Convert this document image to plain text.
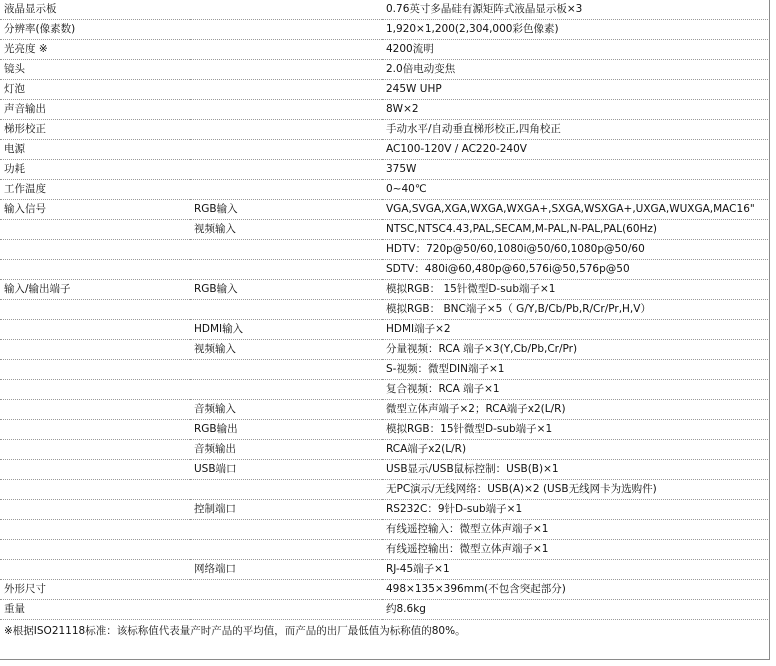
液晶显示板		0.76英寸多晶硅有源矩阵式液晶显示板×3
分辨率(像素数)		1,920×1,200(2,304,000彩色像素)
光亮度 ※		4200流明
镜头		2.0倍电动变焦
灯泡		245W UHP
声音输出		8W×2
梯形校正		手动水平/自动垂直梯形校正,四角校正
电源		AC100-120V / AC220-240V
功耗		375W
工作温度		0~40℃
输入信号	RGB输入	VGA,SVGA,XGA,WXGA,WXGA+,SXGA,WSXGA+,UXGA,WUXGA,MAC16"
	视频输入	NTSC,NTSC4.43,PAL,SECAM,M-PAL,N-PAL,PAL(60Hz)
		HDTV：720p@50/60,1080i@50/60,1080p@50/60
		SDTV：480i@60,480p@60,576i@50,576p@50
输入/输出端子	RGB输入	模拟RGB： 15针微型D-sub端子×1
		模拟RGB： BNC端子×5（ G/Y,B/Cb/Pb,R/Cr/Pr,H,V）
	HDMI输入	HDMI端子×2
	视频输入	分量视频：RCA 端子×3(Y,Cb/Pb,Cr/Pr)
		S-视频：微型DIN端子×1
		复合视频：RCA 端子×1
	音频输入	微型立体声端子×2；RCA端子x2(L/R)
	RGB输出	模拟RGB：15针微型D-sub端子×1
	音频输出	RCA端子x2(L/R)
	USB端口	USB显示/USB鼠标控制：USB(B)×1
		无PC演示/无线网络：USB(A)×2 (USB无线网卡为选购件)
	控制端口	RS232C：9针D-sub端子×1
		有线遥控输入：微型立体声端子×1
		有线遥控输出：微型立体声端子×1
	网络端口	RJ-45端子×1
外形尺寸		498×135×396mm(不包含突起部分)
重量		约8.6kg
※根据ISO21118标准：该标称值代表量产时产品的平均值，而产品的出厂最低值为标称值的80%。
